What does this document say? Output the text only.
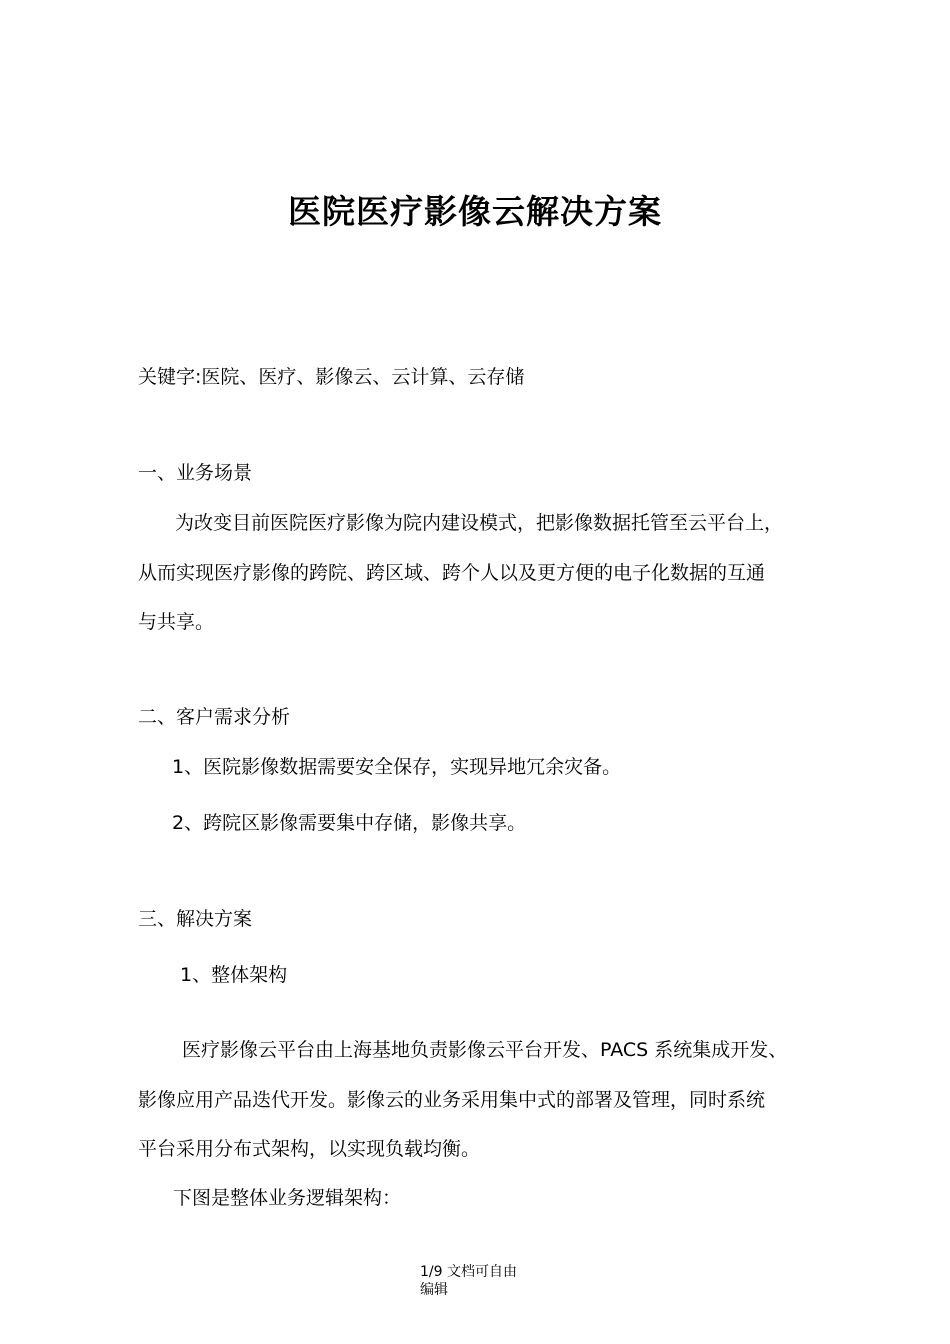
医院医疗影像云解决方案
关键字:医院、医疗、影像云、云计算、云存储
一、业务场景
为改变目前医院医疗影像为院内建设模式，把影像数据托管至云平台上，
从而实现医疗影像的跨院、跨区域、跨个人以及更方便的电子化数据的互通
与共享。
二、客户需求分析
1、医院影像数据需要安全保存，实现异地冗余灾备。
2、跨院区影像需要集中存储，影像共享。
三、解决方案
1、整体架构
医疗影像云平台由上海基地负责影像云平台开发、PACS 系统集成开发、
影像应用产品迭代开发。影像云的业务采用集中式的部署及管理，同时系统
平台采用分布式架构，以实现负载均衡。
下图是整体业务逻辑架构：
1/9 文档可自由
编辑
